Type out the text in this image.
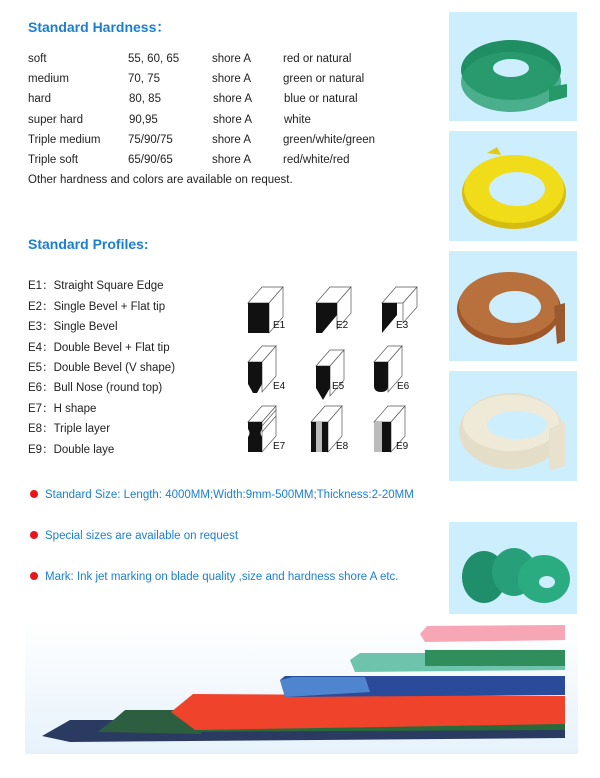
Standard Hardness：
soft	55, 60, 65	shore A	red or natural
medium	70, 75	shore A	green or natural
hard	80, 85	shore A	blue or natural
super hard	90,95	shore A	white
Triple medium 75/90/75	shore A	green/white/green
Triple soft	65/90/65	shore A	red/white/red
Other hardness and colors are available on request.
Standard Profiles:
E1：Straight Square Edge
E2：Single Bevel + Flat tip
E3：Single Bevel
E4：Double Bevel + Flat tip
E5：Double Bevel (V shape)
E6：Bull Nose (round top)
E7：H shape
E8：Triple layer
E9：Double laye
E1	E2	E3
E4	E5	E6
E7	E8	E9
Standard Size: Length: 4000MM;Width:9mm-500MM;Thickness:2-20MM
Special sizes are available on request
Mark: Ink jet marking on blade quality ,size and hardness shore A etc.
